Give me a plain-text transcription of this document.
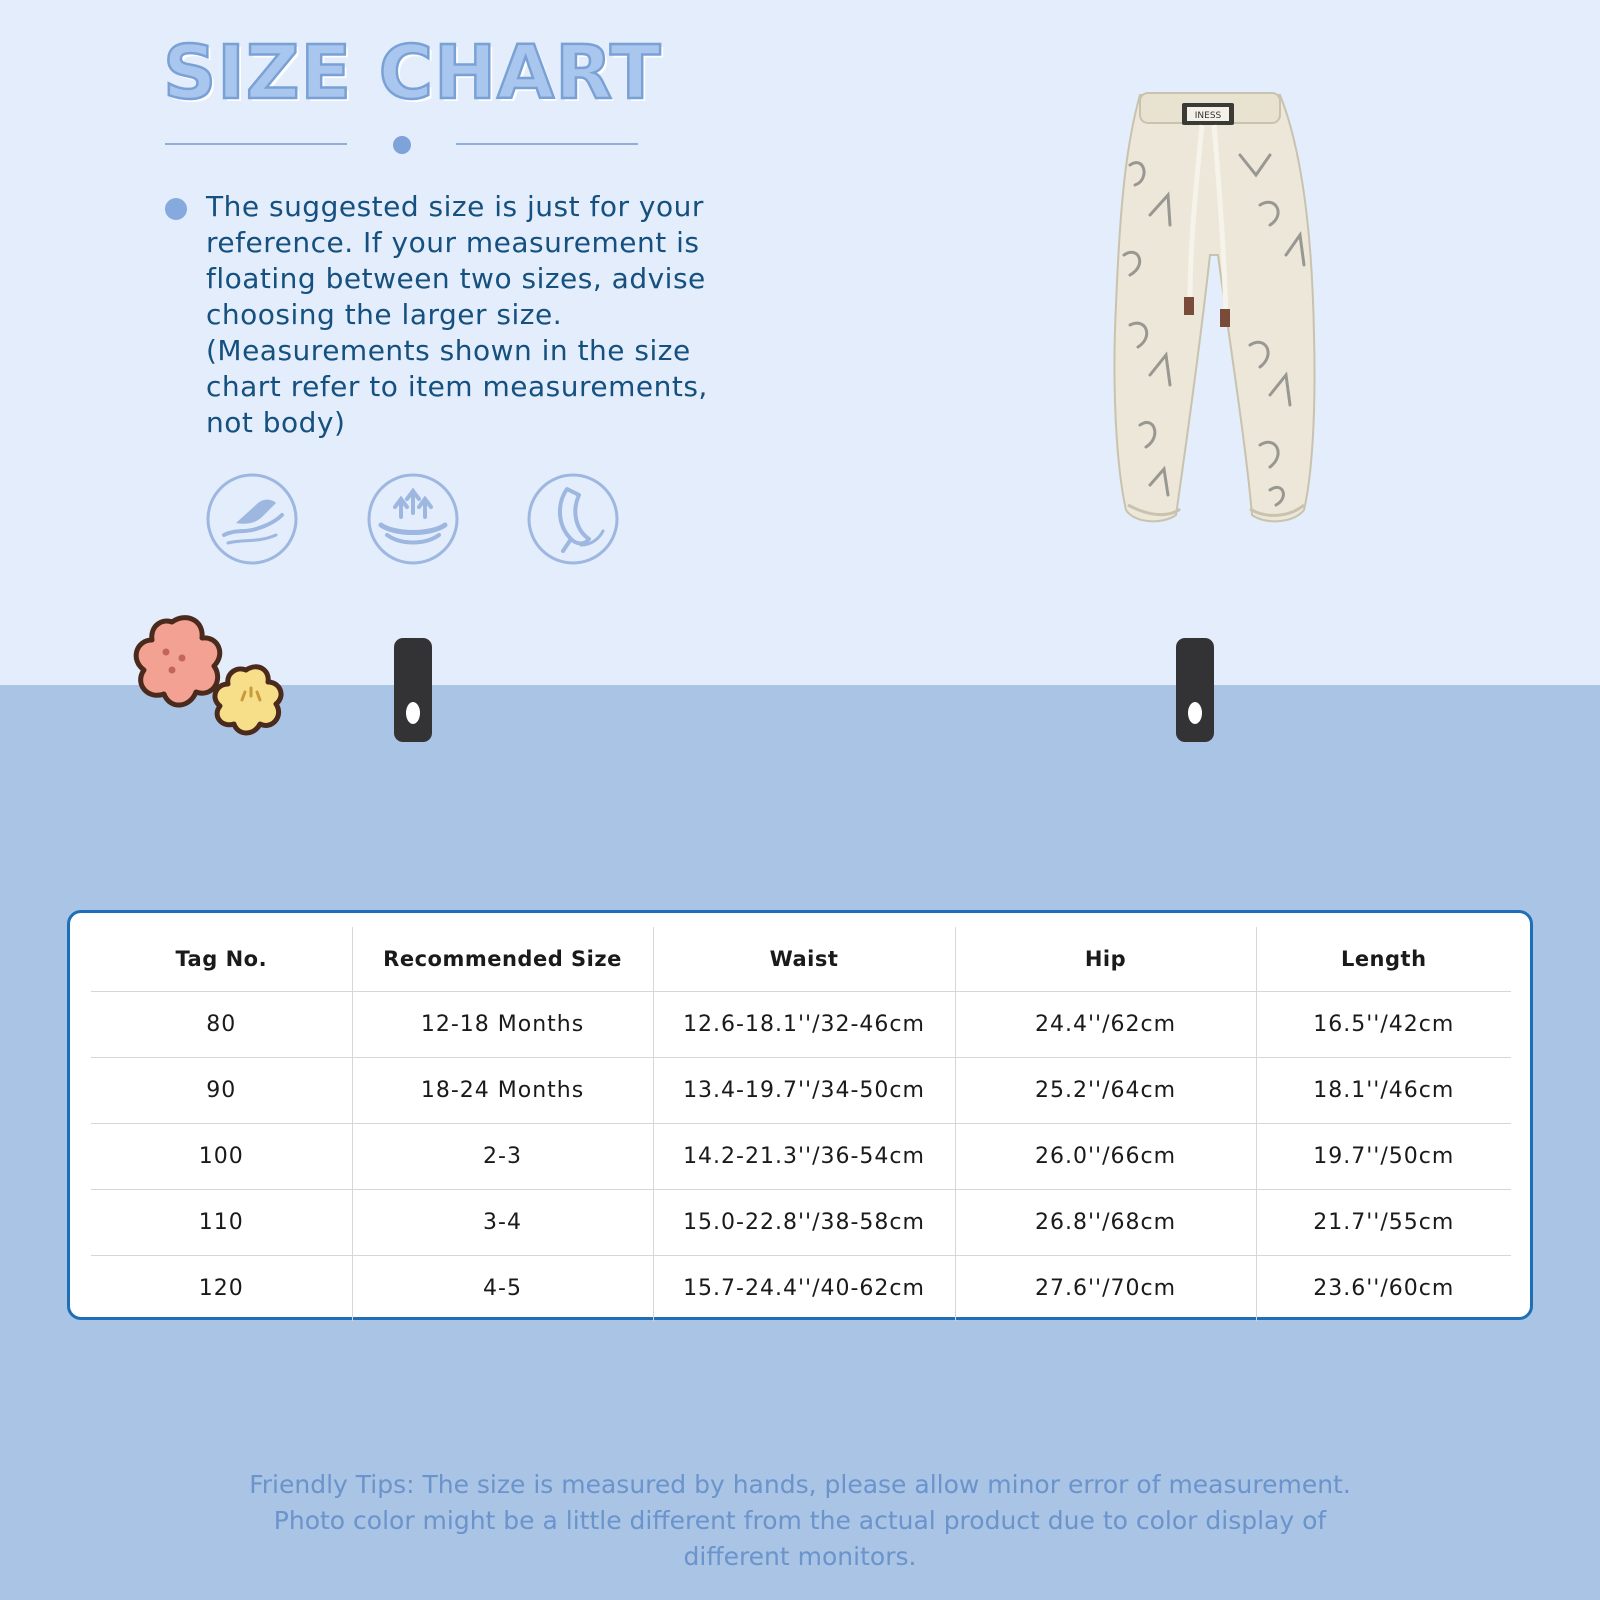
SIZE CHART
The suggested size is just for your
reference. If your measurement is
floating between two sizes, advise
choosing the larger size.
(Measurements shown in the size
chart refer to item measurements,
not body)
INESS
Tag No.	Recommended Size	Waist	Hip	Length
80	12-18 Months	12.6-18.1''/32-46cm	24.4''/62cm	16.5''/42cm
90	18-24 Months	13.4-19.7''/34-50cm	25.2''/64cm	18.1''/46cm
100	2-3	14.2-21.3''/36-54cm	26.0''/66cm	19.7''/50cm
110	3-4	15.0-22.8''/38-58cm	26.8''/68cm	21.7''/55cm
120	4-5	15.7-24.4''/40-62cm	27.6''/70cm	23.6''/60cm
Friendly Tips: The size is measured by hands, please allow minor error of measurement.
Photo color might be a little different from the actual product due to color display of
different monitors.
